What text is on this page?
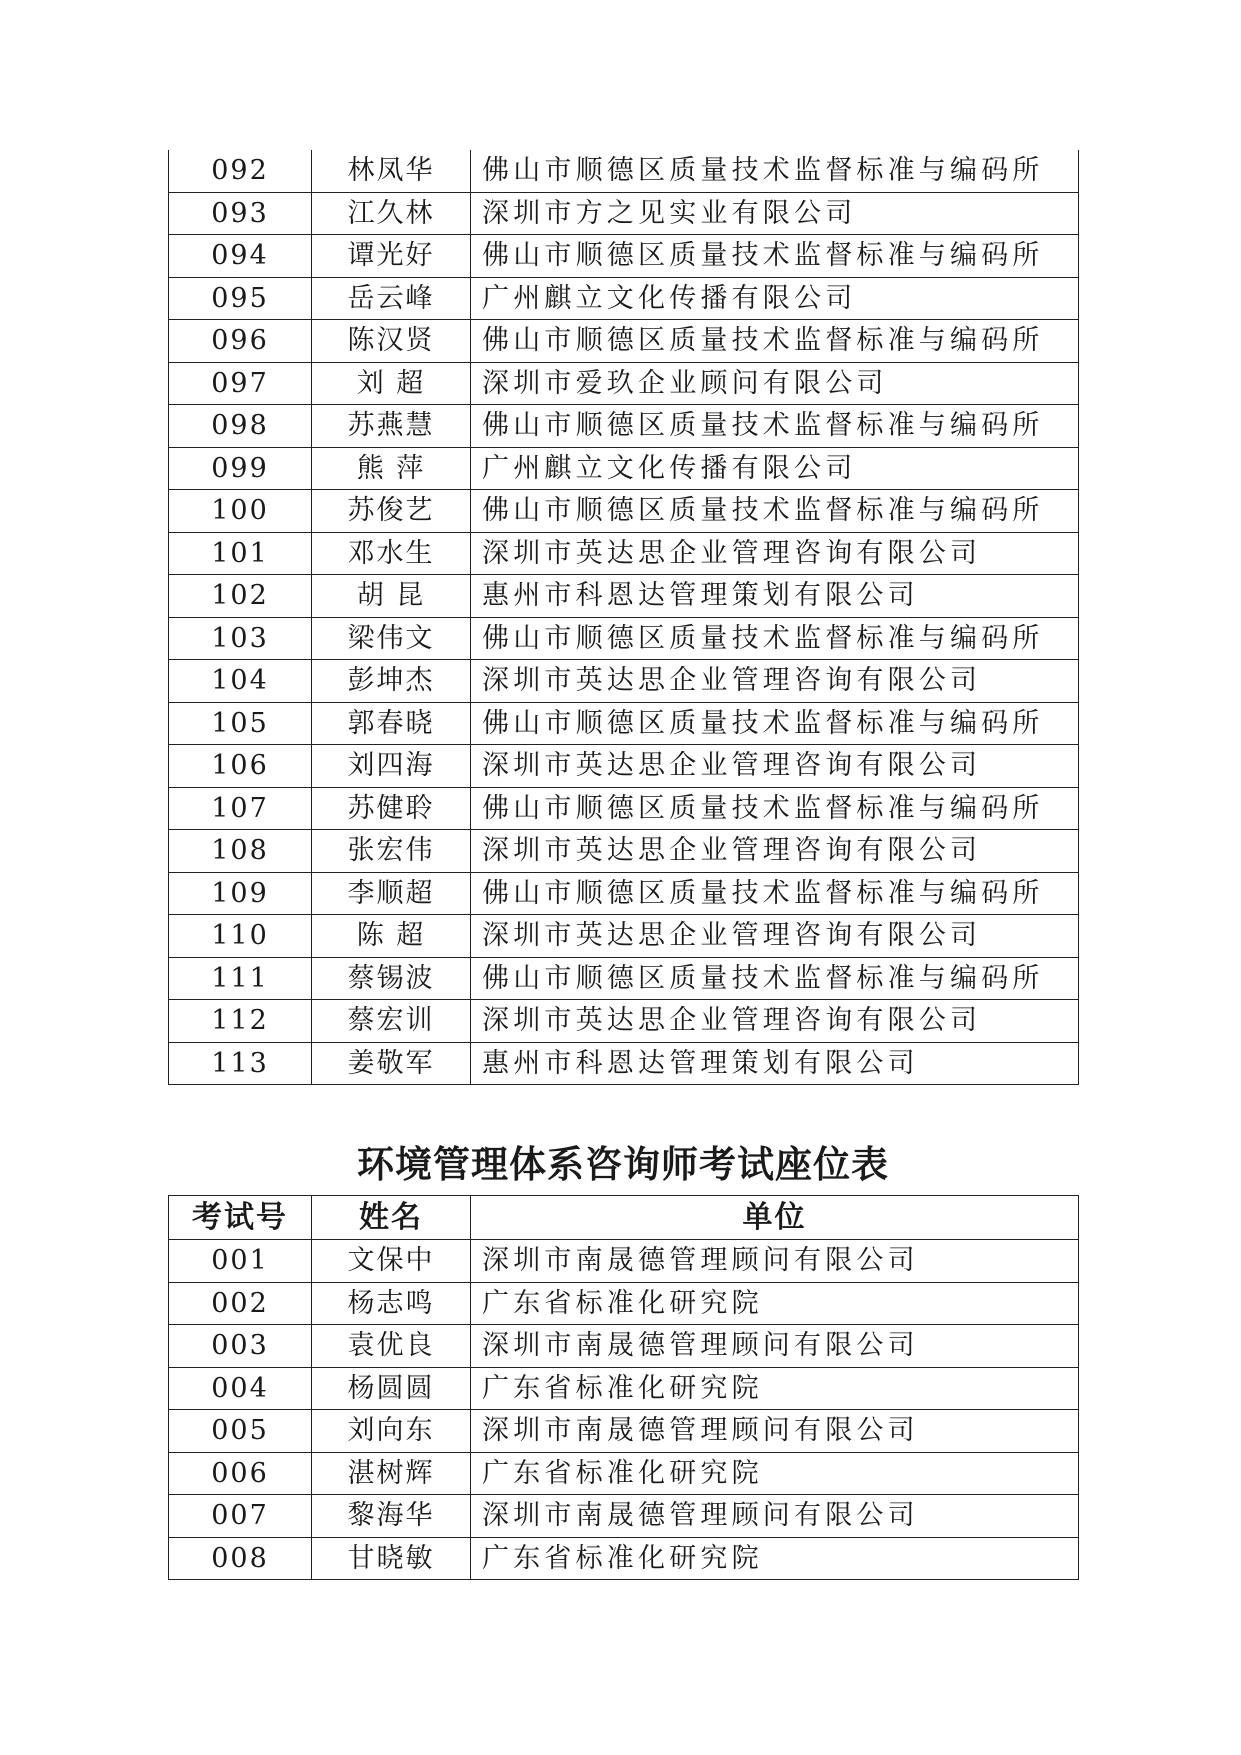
092	林凤华	佛山市顺德区质量技术监督标准与编码所
093	江久林	深圳市方之见实业有限公司
094	谭光好	佛山市顺德区质量技术监督标准与编码所
095	岳云峰	广州麒立文化传播有限公司
096	陈汉贤	佛山市顺德区质量技术监督标准与编码所
097	刘 超	深圳市爱玖企业顾问有限公司
098	苏燕慧	佛山市顺德区质量技术监督标准与编码所
099	熊 萍	广州麒立文化传播有限公司
100	苏俊艺	佛山市顺德区质量技术监督标准与编码所
101	邓水生	深圳市英达思企业管理咨询有限公司
102	胡 昆	惠州市科恩达管理策划有限公司
103	梁伟文	佛山市顺德区质量技术监督标准与编码所
104	彭坤杰	深圳市英达思企业管理咨询有限公司
105	郭春晓	佛山市顺德区质量技术监督标准与编码所
106	刘四海	深圳市英达思企业管理咨询有限公司
107	苏健聆	佛山市顺德区质量技术监督标准与编码所
108	张宏伟	深圳市英达思企业管理咨询有限公司
109	李顺超	佛山市顺德区质量技术监督标准与编码所
110	陈 超	深圳市英达思企业管理咨询有限公司
111	蔡锡波	佛山市顺德区质量技术监督标准与编码所
112	蔡宏训	深圳市英达思企业管理咨询有限公司
113	姜敬军	惠州市科恩达管理策划有限公司
环境管理体系咨询师考试座位表
考试号	姓名	单位
001	文保中	深圳市南晟德管理顾问有限公司
002	杨志鸣	广东省标准化研究院
003	袁优良	深圳市南晟德管理顾问有限公司
004	杨圆圆	广东省标准化研究院
005	刘向东	深圳市南晟德管理顾问有限公司
006	湛树辉	广东省标准化研究院
007	黎海华	深圳市南晟德管理顾问有限公司
008	甘晓敏	广东省标准化研究院
